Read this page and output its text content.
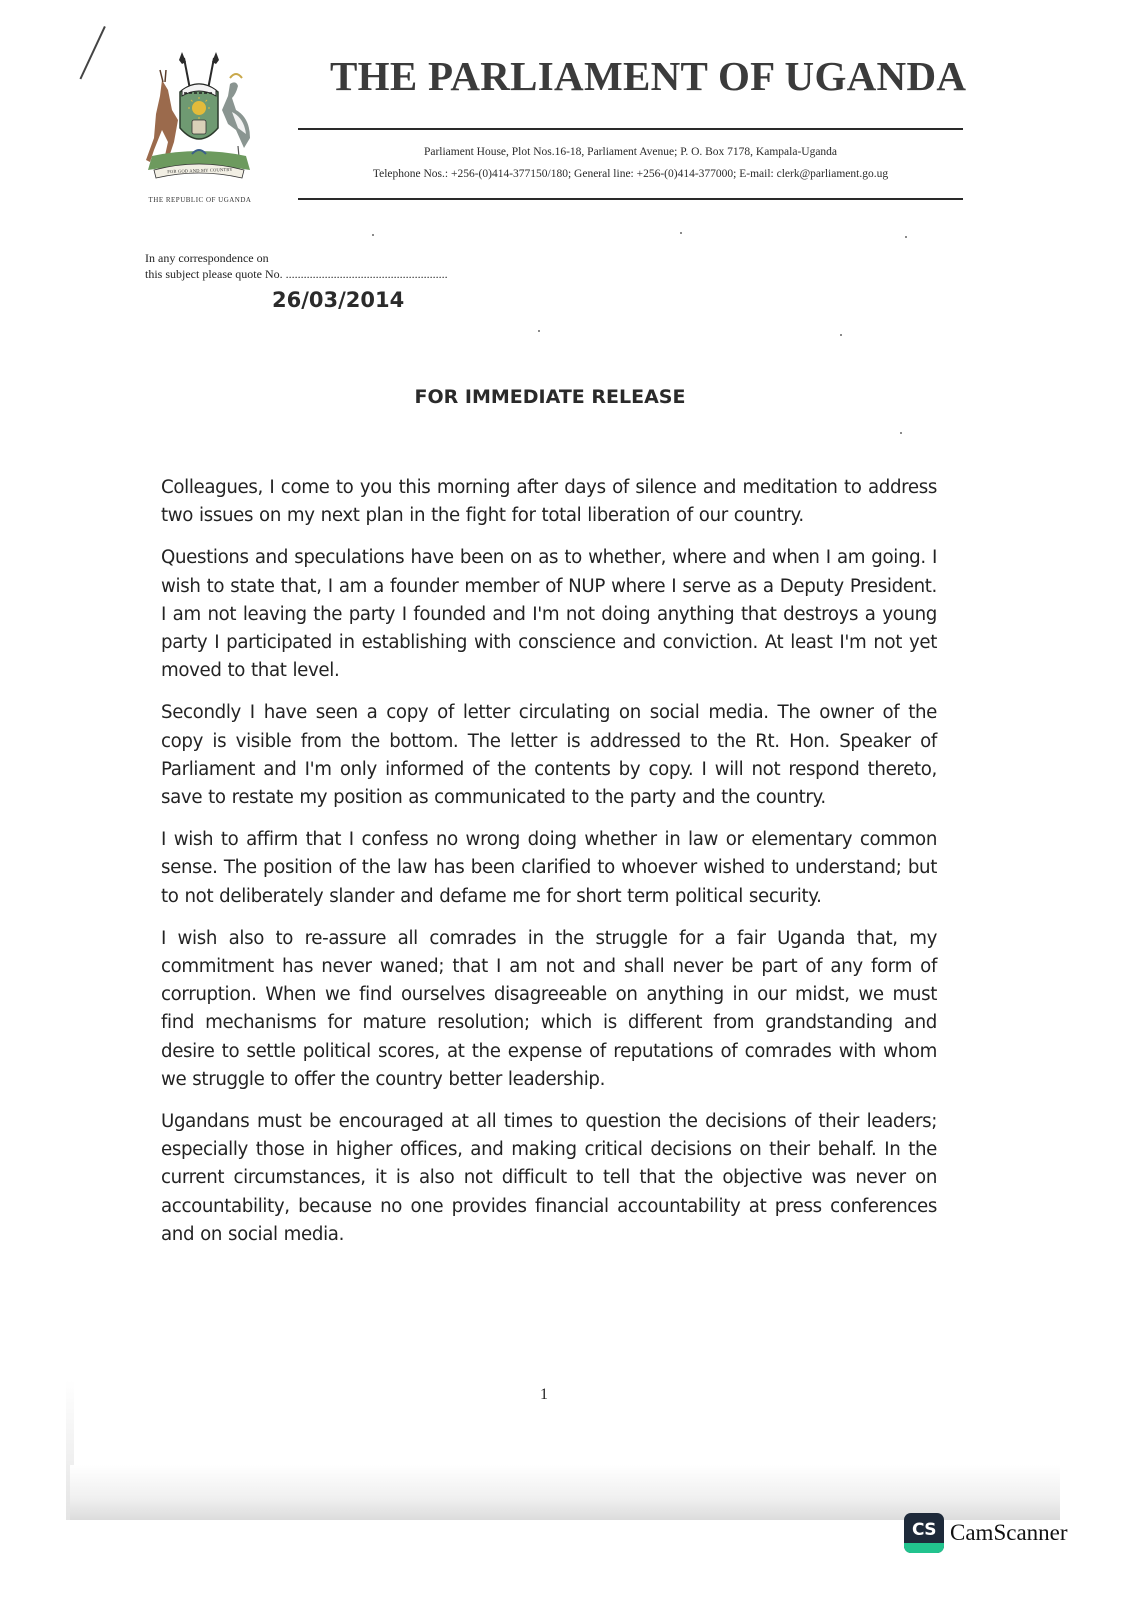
FOR GOD AND MY COUNTRY
THE REPUBLIC OF UGANDA
THE PARLIAMENT OF UGANDA
Parliament House, Plot Nos.16-18, Parliament Avenue; P. O. Box 7178, Kampala-Uganda
Telephone Nos.: +256-(0)414-377150/180; General line: +256-(0)414-377000; E-mail: clerk@parliament.go.ug
In any correspondence on
this subject please quote No. ......................................................
26/03/2014
FOR IMMEDIATE RELEASE

Colleagues, I come to you this morning after days of silence and meditation to address two issues on my next plan in the fight for total liberation of our country.

Questions and speculations have been on as to whether, where and when I am going. I wish to state that, I am a founder member of NUP where I serve as a Deputy President. I am not leaving the party I founded and I'm not doing anything that destroys a young party I participated in establishing with conscience and conviction. At least I'm not yet moved to that level.

Secondly I have seen a copy of letter circulating on social media. The owner of the copy is visible from the bottom. The letter is addressed to the Rt. Hon. Speaker of Parliament and I'm only informed of the contents by copy. I will not respond thereto, save to restate my position as communicated to the party and the country.

I wish to affirm that I confess no wrong doing whether in law or elementary common sense. The position of the law has been clarified to whoever wished to understand; but to not deliberately slander and defame me for short term political security.

I wish also to re-assure all comrades in the struggle for a fair Uganda that, my commitment has never waned; that I am not and shall never be part of any form of corruption. When we find ourselves disagreeable on anything in our midst, we must find mechanisms for mature resolution; which is different from grandstanding and desire to settle political scores, at the expense of reputations of comrades with whom we struggle to offer the country better leadership.

Ugandans must be encouraged at all times to question the decisions of their leaders; especially those in higher offices, and making critical decisions on their behalf. In the current circumstances, it is also not difficult to tell that the objective was never on accountability, because no one provides financial accountability at press conferences and on social media.

1
CS CamScanner
